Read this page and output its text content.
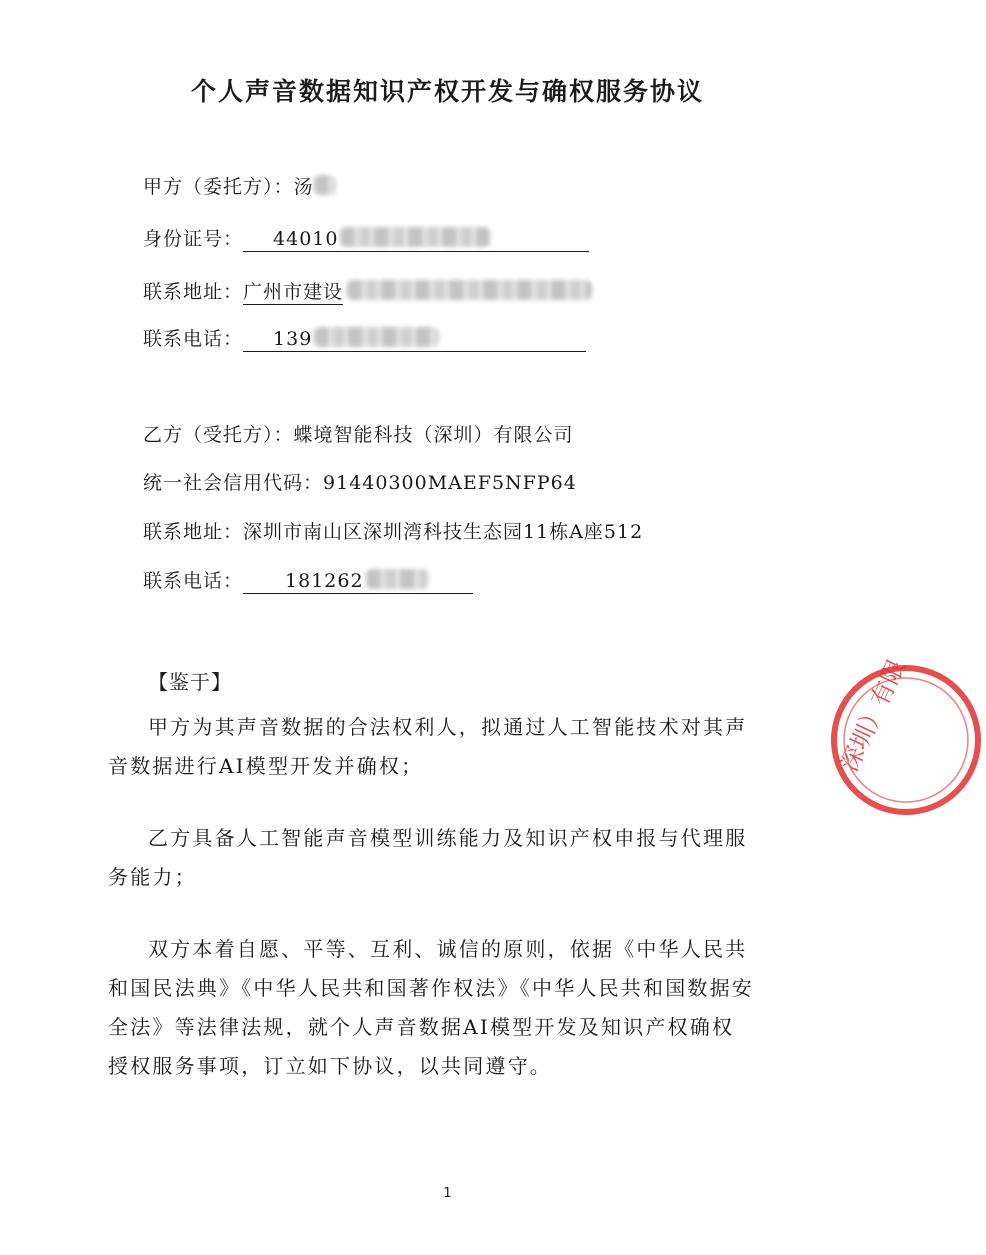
个人声音数据知识产权开发与确权服务协议
甲方（委托方）：汤
身份证号： 44010
联系地址：广州市建设
联系电话： 139
乙方（受托方）：蝶境智能科技（深圳）有限公司
统一社会信用代码：91440300MAEF5NFP64
联系地址：深圳市南山区深圳湾科技生态园11栋A座512
联系电话： 181262
【鉴于】

甲方为其声音数据的合法权利人，拟通过人工智能技术对其声音数据进行AI模型开发并确权；

乙方具备人工智能声音模型训练能力及知识产权申报与代理服务能力；

双方本着自愿、平等、互利、诚信的原则，依据《中华人民共和国民法典》《中华人民共和国著作权法》《中华人民共和国数据安全法》等法律法规，就个人声音数据AI模型开发及知识产权确权授权服务事项，订立如下协议，以共同遵守。

1
深圳）有限
